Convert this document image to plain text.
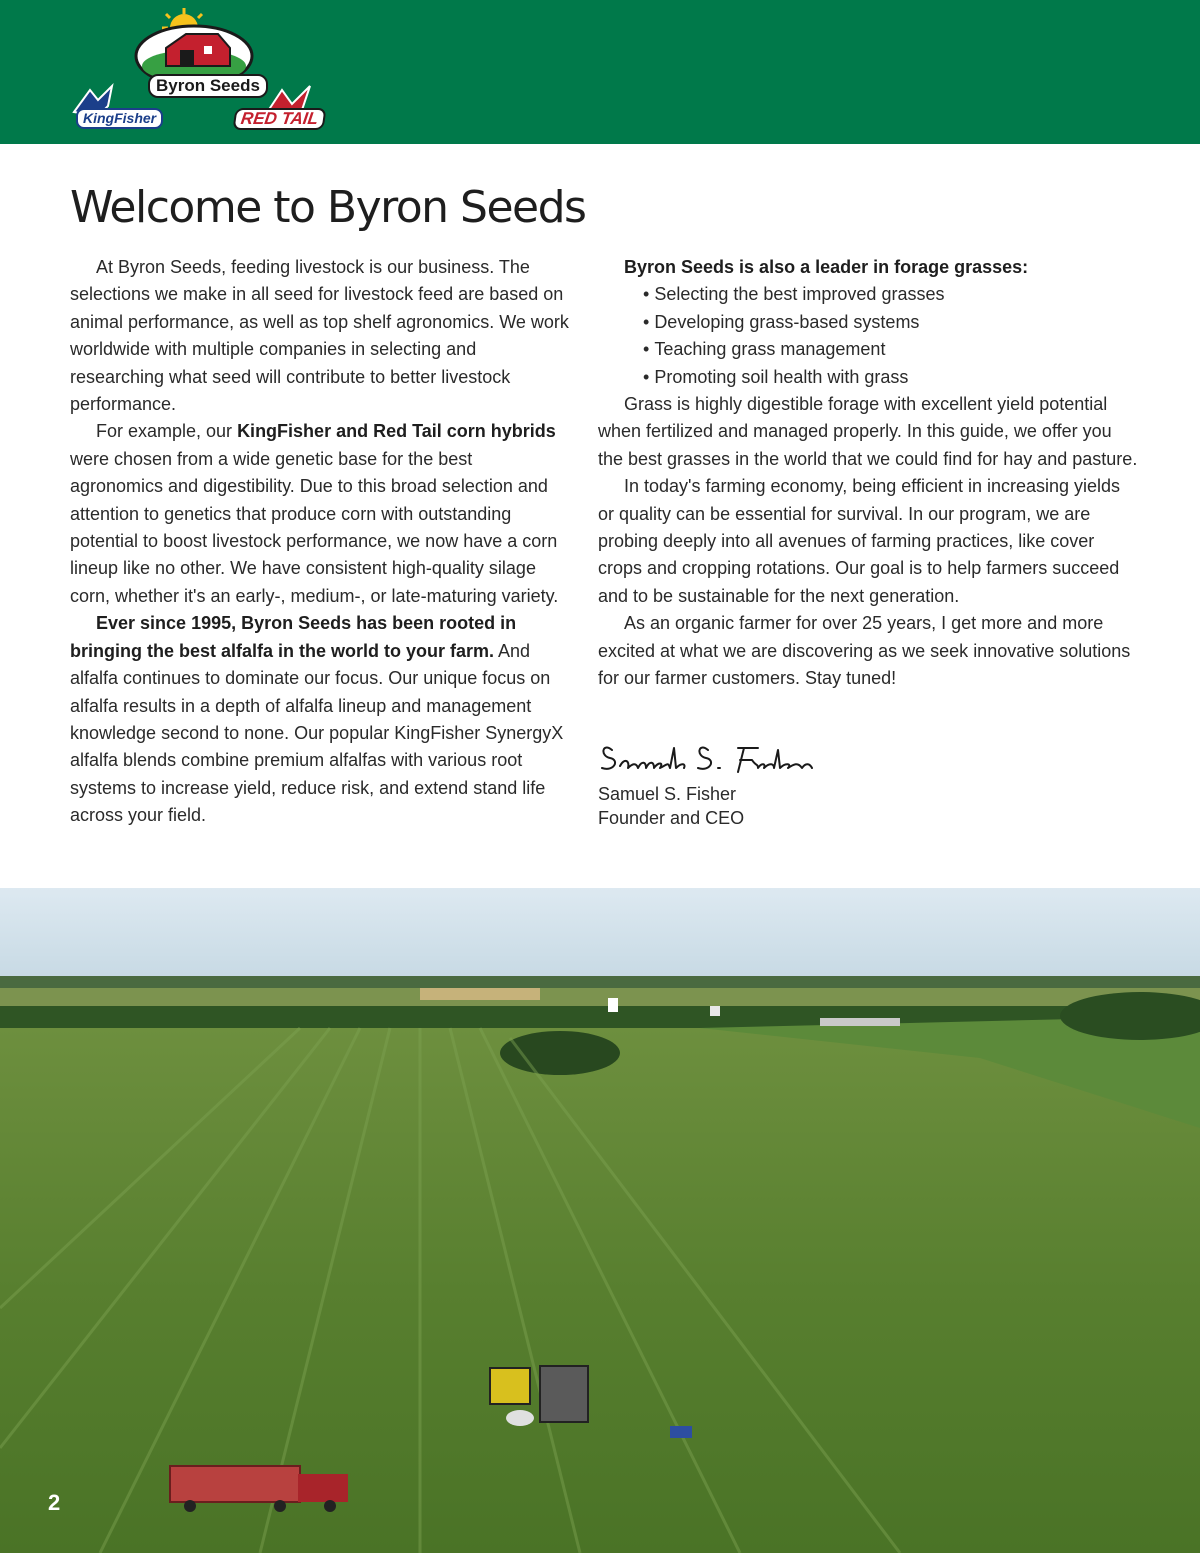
Byron Seeds
KingFisher	RED TAIL
Welcome to Byron Seeds

At Byron Seeds, feeding livestock is our business. The selections we make in all seed for livestock feed are based on animal performance, as well as top shelf agronomics. We work worldwide with multiple companies in selecting and researching what seed will contribute to better livestock performance.

For example, our KingFisher and Red Tail corn hybrids were chosen from a wide genetic base for the best agronomics and digestibility. Due to this broad selection and attention to genetics that produce corn with outstanding potential to boost livestock performance, we now have a corn lineup like no other. We have consistent high-quality silage corn, whether it's an early-, medium-, or late-maturing variety.

Ever since 1995, Byron Seeds has been rooted in bringing the best alfalfa in the world to your farm. And alfalfa continues to dominate our focus. Our unique focus on alfalfa results in a depth of alfalfa lineup and management knowledge second to none. Our popular KingFisher SynergyX alfalfa blends combine premium alfalfas with various root systems to increase yield, reduce risk, and extend stand life across your field.

Byron Seeds is also a leader in forage grasses:

• Selecting the best improved grasses
• Developing grass-based systems
• Teaching grass management
• Promoting soil health with grass

Grass is highly digestible forage with excellent yield potential when fertilized and managed properly. In this guide, we offer you the best grasses in the world that we could find for hay and pasture.

In today's farming economy, being efficient in increasing yields or quality can be essential for survival. In our program, we are probing deeply into all avenues of farming practices, like cover crops and cropping rotations. Our goal is to help farmers succeed and to be sustainable for the next generation.

As an organic farmer for over 25 years, I get more and more excited at what we are discovering as we seek innovative solutions for our farmer customers. Stay tuned!

Samuel S. Fisher
Founder and CEO
2
